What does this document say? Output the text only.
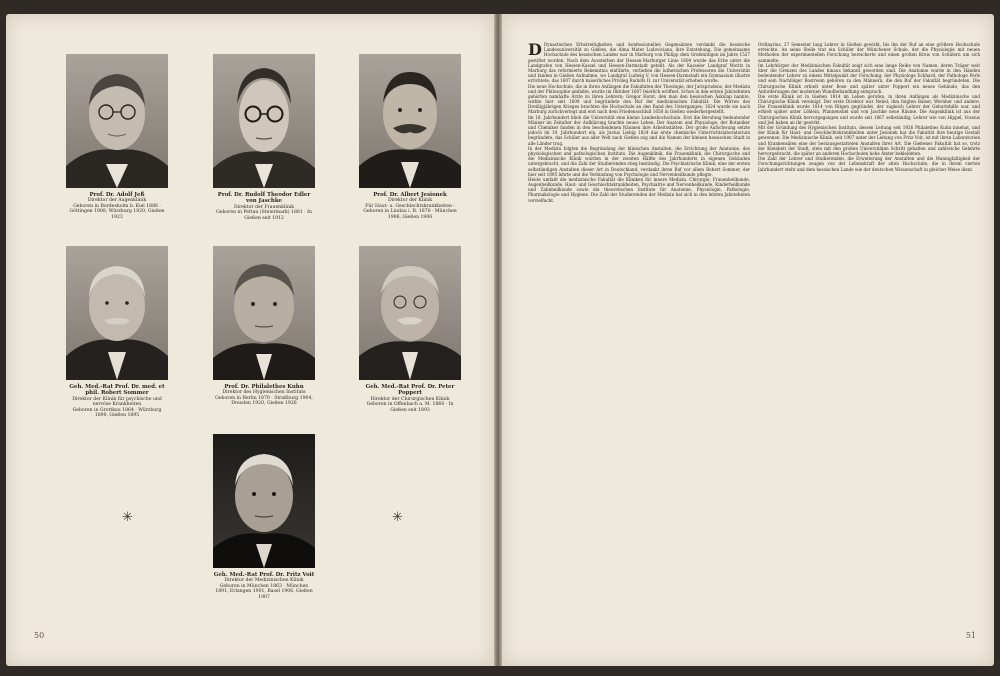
Prof. Dr. Adolf Jeß
Direktor der Augenklinik
Geboren in Bordesholm b. Kiel 1886 · Göttingen 1908, Würzburg 1920, Gießen 1923
Prof. Dr. Rudolf Theodor Edler von Jaschke
Direktor der Frauenklinik
Geboren in Pettau (Steiermark) 1881 · In Gießen seit 1912
Prof. Dr. Albert Jesionek
Direktor der Klinik
Für Haut- u. Geschlechtskrankheiten · Geboren in Lindau i. B. 1870 · München 1906, Gießen 1906
Geh. Med.-Rat Prof. Dr. med. et phil. Robert Sommer
Direktor der Klinik für psychische und nervöse Krankheiten
Geboren in Grottkau 1864 · Würzburg 1890, Gießen 1895
Prof. Dr. Philalethes Kuhn
Direktor des Hygienischen Instituts
Geboren in Berlin 1870 · Straßburg 1904, Dresden 1920, Gießen 1926
Geh. Med.-Rat Prof. Dr. Peter Poppert
Direktor der Chirurgischen Klinik
Geboren in Offenbach a. M. 1860 · In Gießen seit 1893
Geh. Med.-Rat Prof. Dr. Fritz Voit
Direktor der Medizinischen Klinik
Geboren in München 1863 · München 1891, Erlangen 1901, Basel 1906, Gießen 1907
✳	✳
50

D Dynastischen Erbstreitigkeiten und konfessionellen Gegensätzen verdankt die hessische Landesuniversität zu Gießen, die Alma Mater Ludoviciana, ihre Entstehung. Die gemeinsame Hochschule des hessischen Landes war in Marburg von Philipp dem Großmütigen im Jahre 1527 gestiftet worden. Nach dem Aussterben der Hessen-Marburger Linie 1604 wurde das Erbe unter die Landgrafen von Hessen-Kassel und Hessen-Darmstadt geteilt. Als der Kasseler Landgraf Moritz in Marburg das reformierte Bekenntnis einführte, verließen die lutherischen Professoren die Universität und fanden in Gießen Aufnahme, wo Landgraf Ludwig V. von Hessen-Darmstadt ein Gymnasium illustre errichtete, das 1607 durch kaiserliches Privileg Rudolfs II. zur Universität erhoben wurde.

Die neue Hochschule, die in ihren Anfängen die Fakultäten der Theologie, der Jurisprudenz, der Medizin und der Philosophie umfaßte, wurde im Oktober 1607 feierlich eröffnet. Schon in den ersten Jahrzehnten gehörten namhafte Ärzte zu ihren Lehrern; Gregor Horst, den man den hessischen Äskulap nannte, wirkte hier seit 1609 und begründete den Ruf der medizinischen Fakultät. Die Wirren des Dreißigjährigen Krieges brachten die Hochschule an den Rand des Unterganges; 1624 wurde sie nach Marburg zurückverlegt und erst nach dem Friedensschluß 1650 in Gießen wiederhergestellt.

Im 18. Jahrhundert blieb die Universität eine kleine Landeshochschule. Erst die Berufung bedeutender Männer im Zeitalter der Aufklärung brachte neues Leben. Der Anatom und Physiologe, der Botaniker und Chemiker fanden in den bescheidenen Räumen ihre Arbeitsstätten. Der große Aufschwung setzte jedoch im 19. Jahrhundert ein, als Justus Liebig 1824 das erste chemische Unterrichtslaboratorium begründete, das Schüler aus aller Welt nach Gießen zog und die Namen der kleinen hessischen Stadt in alle Länder trug.

In der Medizin folgten die Begründung der klinischen Anstalten, die Errichtung der Anatomie, des physiologischen und pathologischen Instituts. Die Augenklinik, die Frauenklinik, die Chirurgische und die Medizinische Klinik wurden in der zweiten Hälfte des Jahrhunderts in eigenen Gebäuden untergebracht, und die Zahl der Studierenden stieg beständig. Die Psychiatrische Klinik, eine der ersten selbständigen Anstalten dieser Art in Deutschland, verdankt ihren Ruf vor allem Robert Sommer, der hier seit 1895 lehrte und die Verbindung von Psychologie und Nervenheilkunde pflegte.

Heute umfaßt die medizinische Fakultät die Kliniken für innere Medizin, Chirurgie, Frauenheilkunde, Augenheilkunde, Haut- und Geschlechtskrankheiten, Psychiatrie und Nervenheilkunde, Kinderheilkunde und Zahnheilkunde sowie die theoretischen Institute für Anatomie, Physiologie, Pathologie, Pharmakologie und Hygiene. Die Zahl der Studierenden der Medizin hat sich in den letzten Jahrzehnten vervielfacht.

Ordinarius, 37 Semester lang Lehrer in Gießen gewirkt, bis ihn der Ruf an eine größere Hochschule erreichte. An seine Stelle trat ein Schüler der Münchener Schule, der die Physiologie mit neuen Methoden der experimentellen Forschung bereicherte und einen großen Kreis von Schülern um sich sammelte.

Im Lehrkörper der Medizinischen Fakultät zeigt sich eine lange Reihe von Namen, deren Träger weit über die Grenzen des Landes hinaus bekannt geworden sind. Die Anatomie wurde in den Händen bedeutender Lehrer zu einem Mittelpunkt der Forschung; der Physiologe Eckhard, der Pathologe Perls und sein Nachfolger Bostroem gehören zu den Männern, die den Ruf der Fakultät begründeten. Die Chirurgische Klinik erhielt unter Bose und später unter Poppert ein neues Gebäude, das den Anforderungen der modernen Wundbehandlung entsprach.

Die erste Klinik ist in Gießen 1814 im Leben gerufen, in ihren Anfängen als Medizinische und Chirurgische Klinik vereinigt. Der erste Direktor war Nebel; ihm folgten Balser, Wernher und andere. Die Frauenklinik wurde 1814 von Ritgen gegründet, der zugleich Lehrer der Geburtshilfe war, und erhielt später unter Löhlein, Pfannenstiel und von Jaschke neue Räume. Die Augenklinik ist aus der Chirurgischen Klinik hervorgegangen und wurde seit 1867 selbständig; Lehrer wie von Hippel, Vossius und Jeß haben an ihr gewirkt.

Mit der Gründung des Hygienischen Instituts, dessen Leitung seit 1926 Philalethes Kuhn innehat, und der Klinik für Haut- und Geschlechtskrankheiten unter Jesionek hat die Fakultät ihre heutige Gestalt gewonnen. Die Medizinische Klinik, seit 1907 unter der Leitung von Fritz Voit, ist mit ihren Laboratorien und Krankensälen eine der bestausgestatteten Anstalten ihrer Art. Die Gießener Fakultät hat so, trotz der Kleinheit der Stadt, stets mit den großen Universitäten Schritt gehalten und zahlreiche Gelehrte hervorgebracht, die später an anderen Hochschulen hohe Ämter bekleideten.

Die Zahl der Lehrer und Studierenden, die Erweiterung der Anstalten und die Mannigfaltigkeit der Forschungsrichtungen zeugen von der Lebenskraft der alten Hochschule, die in ihrem vierten Jahrhundert steht und dem hessischen Lande wie der deutschen Wissenschaft in gleicher Weise dient.

51
